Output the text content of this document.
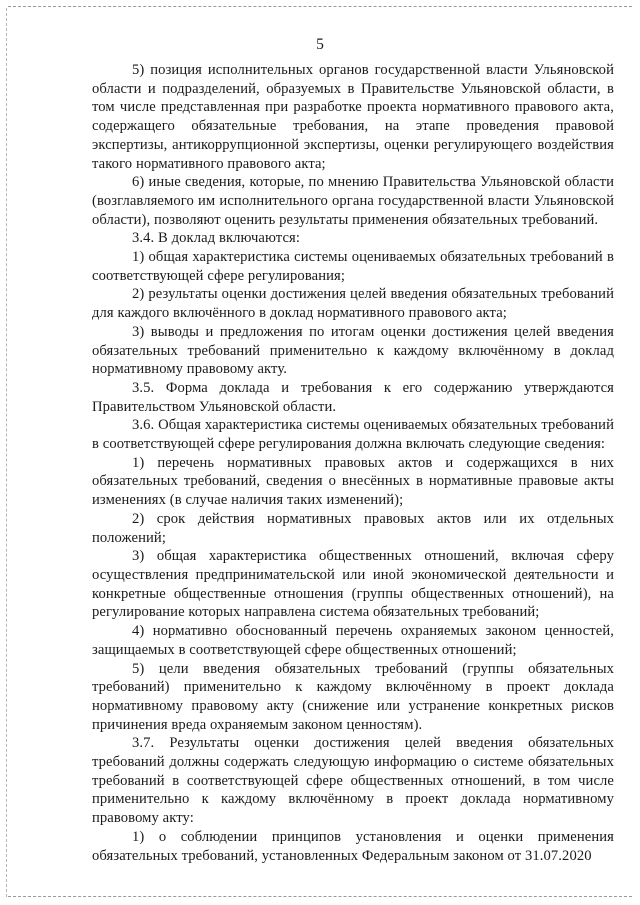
5

5) позиция исполнительных органов государственной власти Ульяновской области и подразделений, образуемых в Правительстве Ульяновской области, в том числе представленная при разработке проекта нормативного правового акта, содержащего обязательные требования, на этапе проведения правовой экспертизы, антикоррупционной экспертизы, оценки регулирующего воздействия такого нормативного правового акта;

6) иные сведения, которые, по мнению Правительства Ульяновской области (возглавляемого им исполнительного органа государственной власти Ульяновской области), позволяют оценить результаты применения обязательных требований.

3.4. В доклад включаются:

1) общая характеристика системы оцениваемых обязательных требований в соответствующей сфере регулирования;

2) результаты оценки достижения целей введения обязательных требований для каждого включённого в доклад нормативного правового акта;

3) выводы и предложения по итогам оценки достижения целей введения обязательных требований применительно к каждому включённому в доклад нормативному правовому акту.

3.5. Форма доклада и требования к его содержанию утверждаются Правительством Ульяновской области.

3.6. Общая характеристика системы оцениваемых обязательных требований в соответствующей сфере регулирования должна включать следующие сведения:

1) перечень нормативных правовых актов и содержащихся в них обязательных требований, сведения о внесённых в нормативные правовые акты изменениях (в случае наличия таких изменений);

2) срок действия нормативных правовых актов или их отдельных положений;

3) общая характеристика общественных отношений, включая сферу осуществления предпринимательской или иной экономической деятельности и конкретные общественные отношения (группы общественных отношений), на регулирование которых направлена система обязательных требований;

4) нормативно обоснованный перечень охраняемых законом ценностей, защищаемых в соответствующей сфере общественных отношений;

5) цели введения обязательных требований (группы обязательных требований) применительно к каждому включённому в проект доклада нормативному правовому акту (снижение или устранение конкретных рисков причинения вреда охраняемым законом ценностям).

3.7. Результаты оценки достижения целей введения обязательных требований должны содержать следующую информацию о системе обязательных требований в соответствующей сфере общественных отношений, в том числе применительно к каждому включённому в проект доклада нормативному правовому акту:

1) о соблюдении принципов установления и оценки применения обязательных требований, установленных Федеральным законом от 31.07.2020
